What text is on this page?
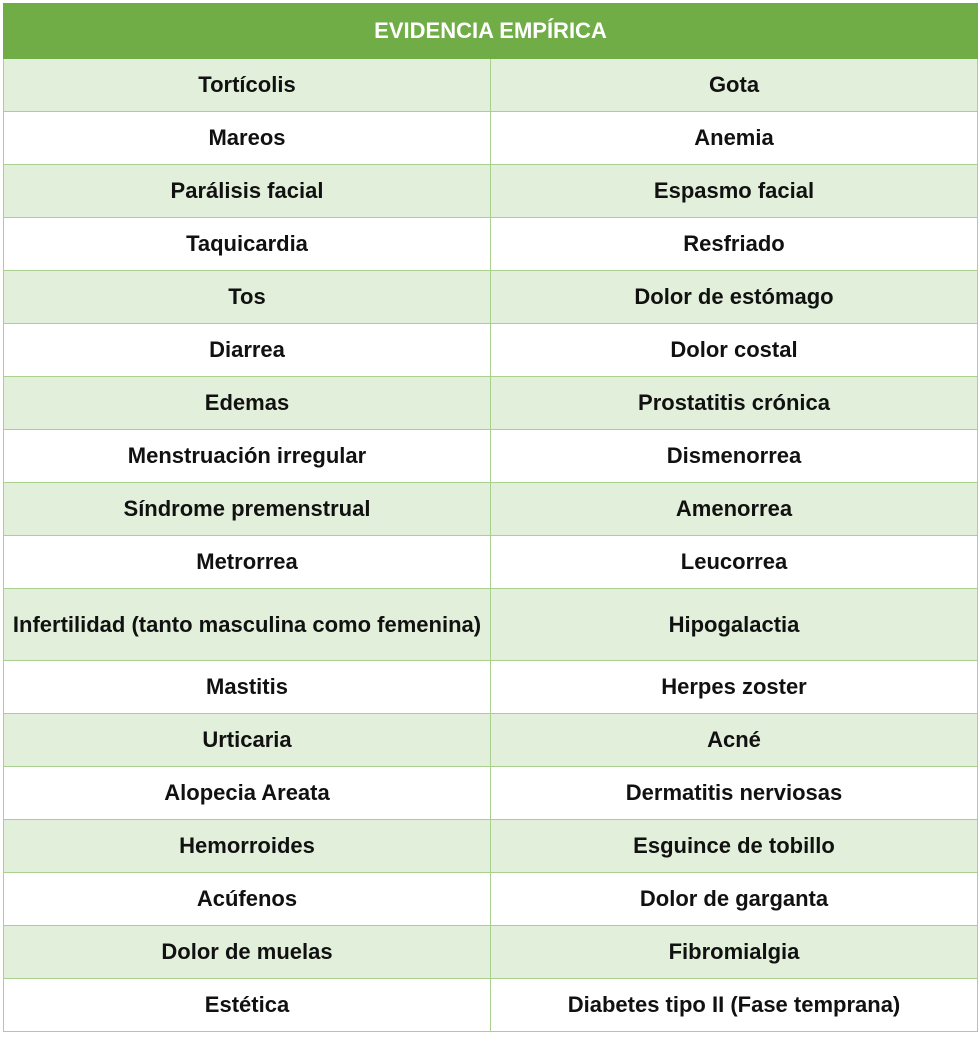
EVIDENCIA EMPÍRICA	
Tortícolis	Gota
Mareos	Anemia
Parálisis facial	Espasmo facial
Taquicardia	Resfriado
Tos	Dolor de estómago
Diarrea	Dolor costal
Edemas	Prostatitis crónica
Menstruación irregular	Dismenorrea
Síndrome premenstrual	Amenorrea
Metrorrea	Leucorrea
Infertilidad (tanto masculina como femenina)	Hipogalactia
Mastitis	Herpes zoster
Urticaria	Acné
Alopecia Areata	Dermatitis nerviosas
Hemorroides	Esguince de tobillo
Acúfenos	Dolor de garganta
Dolor de muelas	Fibromialgia
Estética	Diabetes tipo II (Fase temprana)
